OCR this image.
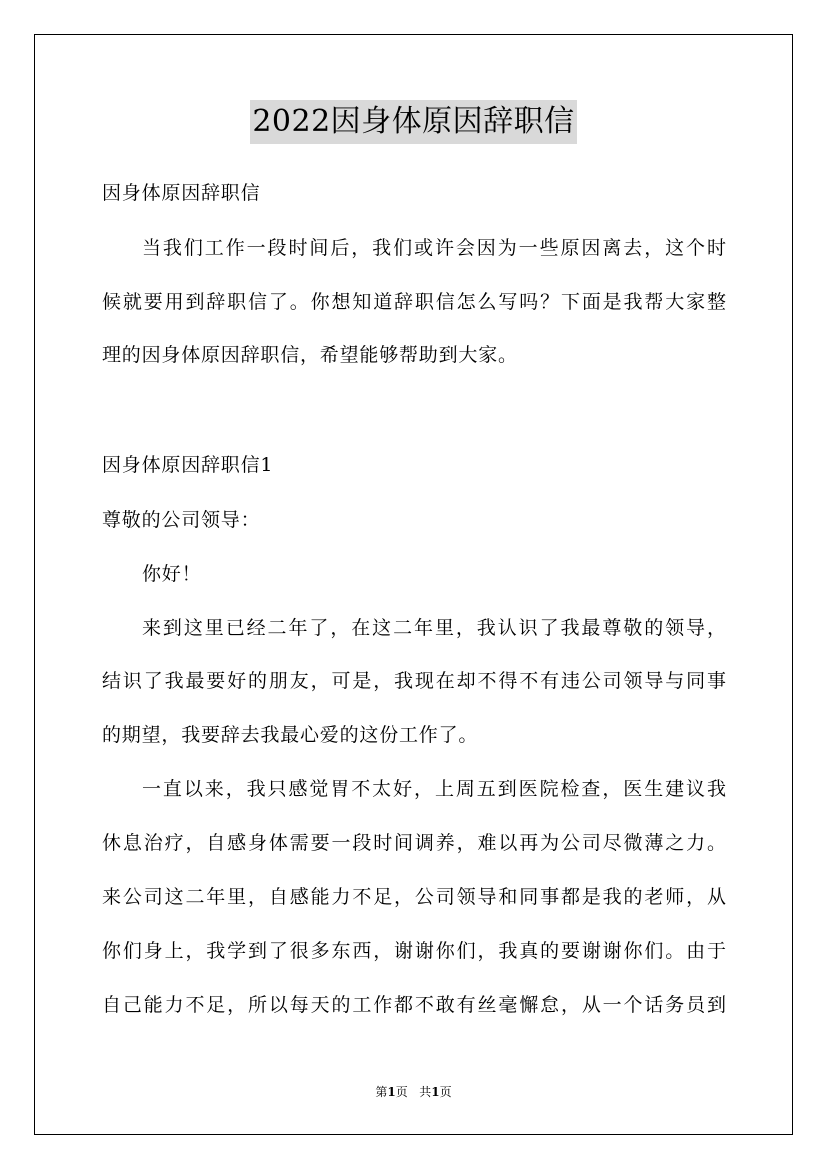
2022因身体原因辞职信
因身体原因辞职信
当我们工作一段时间后，我们或许会因为一些原因离去，这个时
候就要用到辞职信了。你想知道辞职信怎么写吗？下面是我帮大家整
理的因身体原因辞职信，希望能够帮助到大家。
因身体原因辞职信1
尊敬的公司领导：
你好！
来到这里已经二年了，在这二年里，我认识了我最尊敬的领导，
结识了我最要好的朋友，可是，我现在却不得不有违公司领导与同事
的期望，我要辞去我最心爱的这份工作了。
一直以来，我只感觉胃不太好，上周五到医院检查，医生建议我
休息治疗，自感身体需要一段时间调养，难以再为公司尽微薄之力。
来公司这二年里，自感能力不足，公司领导和同事都是我的老师，从
你们身上，我学到了很多东西，谢谢你们，我真的要谢谢你们。由于
自己能力不足，所以每天的工作都不敢有丝毫懈怠，从一个话务员到
第1页 共1页
